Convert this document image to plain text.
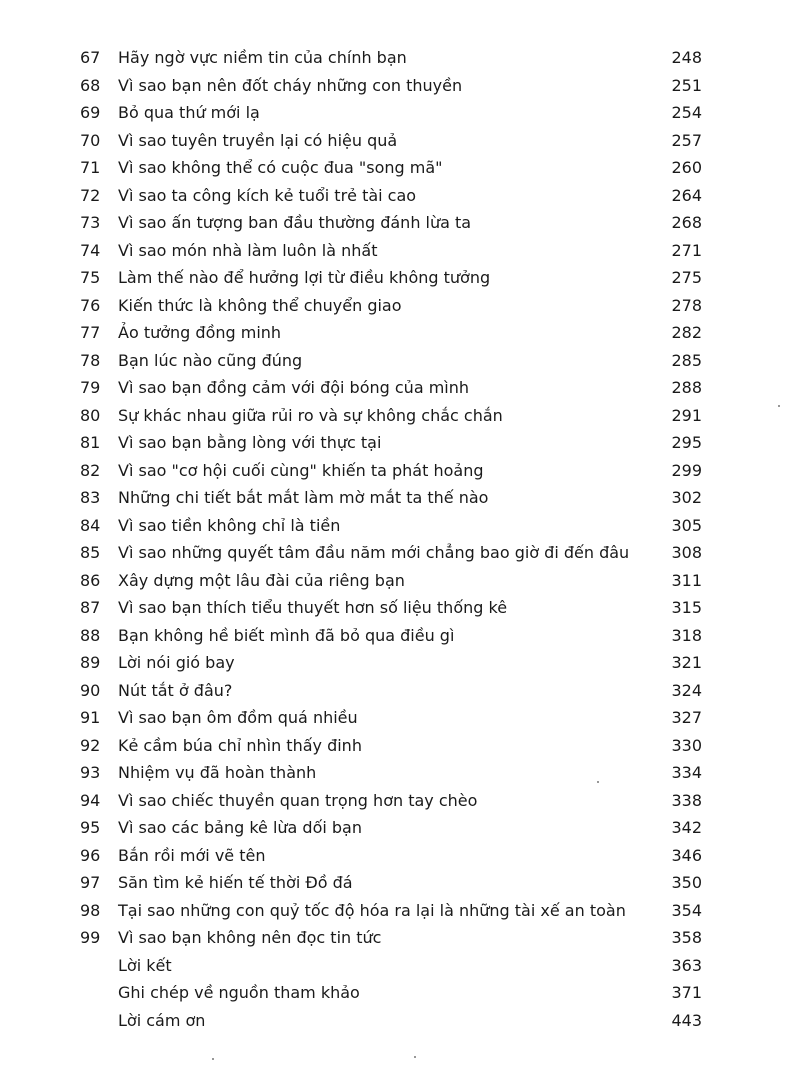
67 Hãy ngờ vực niềm tin của chính bạn	248
68 Vì sao bạn nên đốt cháy những con thuyền	251
69 Bỏ qua thứ mới lạ	254
70 Vì sao tuyên truyền lại có hiệu quả	257
71 Vì sao không thể có cuộc đua "song mã"	260
72 Vì sao ta công kích kẻ tuổi trẻ tài cao	264
73 Vì sao ấn tượng ban đầu thường đánh lừa ta	268
74 Vì sao món nhà làm luôn là nhất	271
75 Làm thế nào để hưởng lợi từ điều không tưởng	275
76 Kiến thức là không thể chuyển giao	278
77 Ảo tưởng đồng minh	282
78 Bạn lúc nào cũng đúng	285
79 Vì sao bạn đồng cảm với đội bóng của mình	288
80 Sự khác nhau giữa rủi ro và sự không chắc chắn	291
81 Vì sao bạn bằng lòng với thực tại	295
82 Vì sao "cơ hội cuối cùng" khiến ta phát hoảng	299
83 Những chi tiết bắt mắt làm mờ mắt ta thế nào	302
84 Vì sao tiền không chỉ là tiền	305
85 Vì sao những quyết tâm đầu năm mới chẳng bao giờ đi đến đâu	308
86 Xây dựng một lâu đài của riêng bạn	311
87 Vì sao bạn thích tiểu thuyết hơn số liệu thống kê	315
88 Bạn không hề biết mình đã bỏ qua điều gì	318
89 Lời nói gió bay	321
90 Nút tắt ở đâu?	324
91 Vì sao bạn ôm đồm quá nhiều	327
92 Kẻ cầm búa chỉ nhìn thấy đinh	330
93 Nhiệm vụ đã hoàn thành	334
94 Vì sao chiếc thuyền quan trọng hơn tay chèo	338
95 Vì sao các bảng kê lừa dối bạn	342
96 Bắn rồi mới vẽ tên	346
97 Săn tìm kẻ hiến tế thời Đồ đá	350
98 Tại sao những con quỷ tốc độ hóa ra lại là những tài xế an toàn	354
99 Vì sao bạn không nên đọc tin tức	358
Lời kết	363
Ghi chép về nguồn tham khảo	371
Lời cám ơn	443
